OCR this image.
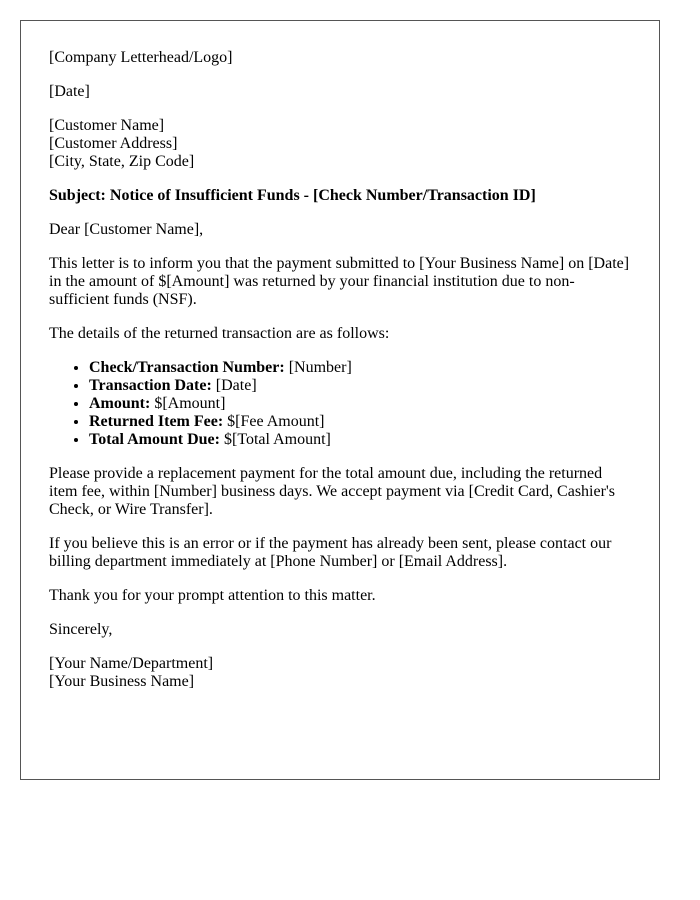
[Company Letterhead/Logo]

[Date]

[Customer Name]
[Customer Address]
[City, State, Zip Code]

Subject: Notice of Insufficient Funds - [Check Number/Transaction ID]

Dear [Customer Name],

This letter is to inform you that the payment submitted to [Your Business Name] on [Date] in the amount of $[Amount] was returned by your financial institution due to non-sufficient funds (NSF).

The details of the returned transaction are as follows:

• Check/Transaction Number: [Number]
• Transaction Date: [Date]
• Amount: $[Amount]
• Returned Item Fee: $[Fee Amount]
• Total Amount Due: $[Total Amount]

Please provide a replacement payment for the total amount due, including the returned item fee, within [Number] business days. We accept payment via [Credit Card, Cashier's Check, or Wire Transfer].

If you believe this is an error or if the payment has already been sent, please contact our billing department immediately at [Phone Number] or [Email Address].

Thank you for your prompt attention to this matter.

Sincerely,

[Your Name/Department]
[Your Business Name]
